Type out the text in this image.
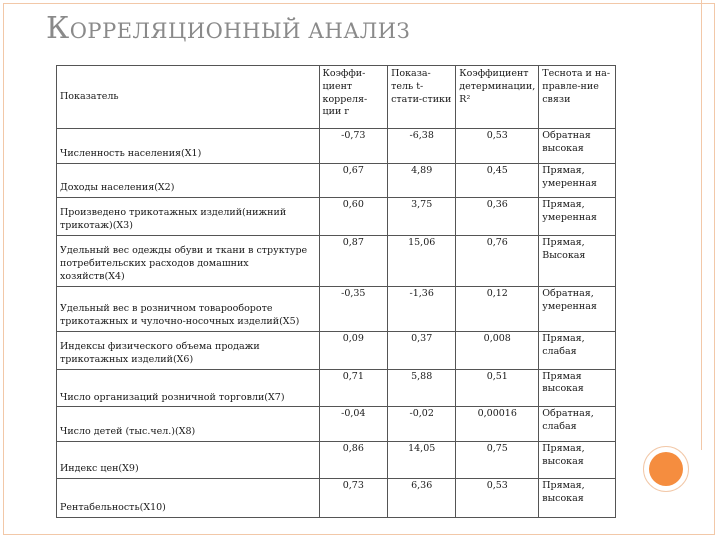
КОРРЕЛЯЦИОННЫЙ АНАЛИЗ
Показатель	Коэффи-циент корреля-ции r	Показа-тель t-стати-стики	Коэффициент детерминации, R²	Теснота и на-правле-ние связи
Численность населения(Х1)	-0,73	-6,38	0,53	Обратная высокая
Доходы населения(Х2)	0,67	4,89	0,45	Прямая, умеренная
Произведено трикотажных изделий(нижний трикотаж)(Х3)	0,60	3,75	0,36	Прямая, умеренная
Удельный вес одежды обуви и ткани в структуре потребительских расходов домашних хозяйств(Х4)	0,87	15,06	0,76	Прямая, Высокая
Удельный вес в розничном товарообороте трикотажных и чулочно-носочных изделий(Х5)	-0,35	-1,36	0,12	Обратная, умеренная
Индексы физического объема продажи трикотажных изделий(Х6)	0,09	0,37	0,008	Прямая, слабая
Число организаций розничной торговли(Х7)	0,71	5,88	0,51	Прямая высокая
Число детей (тыс.чел.)(Х8)	-0,04	-0,02	0,00016	Обратная, слабая
Индекс цен(Х9)	0,86	14,05	0,75	Прямая, высокая
Рентабельность(Х10)	0,73	6,36	0,53	Прямая, высокая
